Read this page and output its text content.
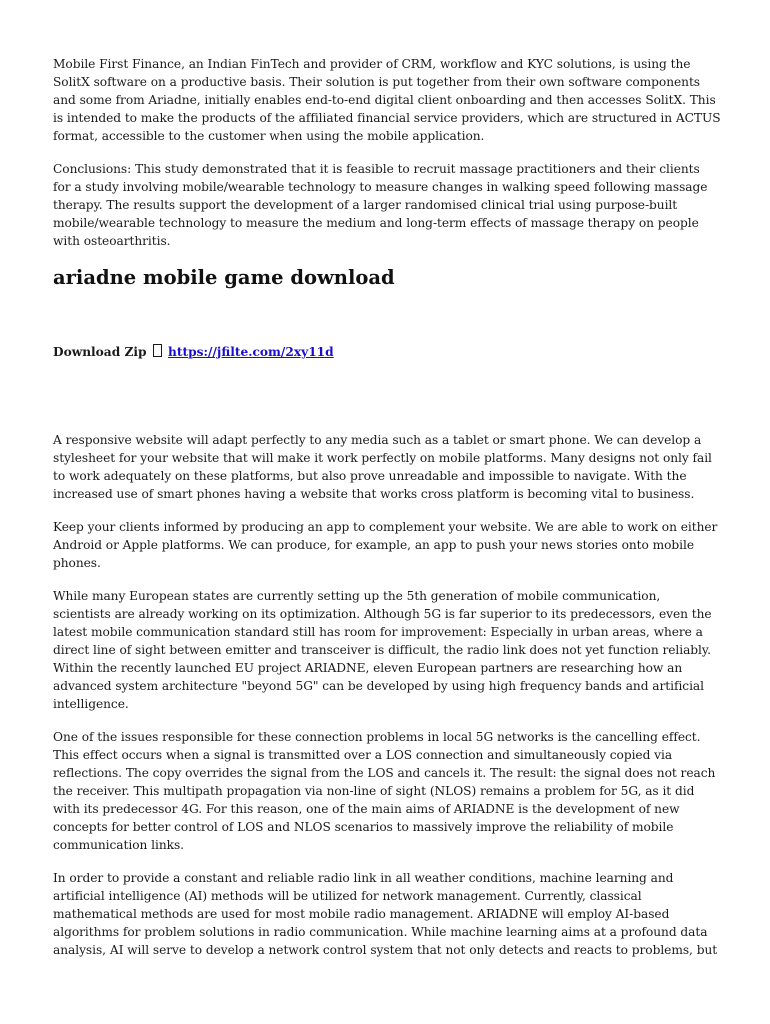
Mobile First Finance, an Indian FinTech and provider of CRM, workflow and KYC solutions, is using the SolitX software on a productive basis. Their solution is put together from their own software components and some from Ariadne, initially enables end-to-end digital client onboarding and then accesses SolitX. This is intended to make the products of the affiliated financial service providers, which are structured in ACTUS format, accessible to the customer when using the mobile application.

Conclusions: This study demonstrated that it is feasible to recruit massage practitioners and their clients for a study involving mobile/wearable technology to measure changes in walking speed following massage therapy. The results support the development of a larger randomised clinical trial using purpose-built mobile/wearable technology to measure the medium and long-term effects of massage therapy on people with osteoarthritis.

ariadne mobile game download
Download Zip https://jfilte.com/2xy11d

A responsive website will adapt perfectly to any media such as a tablet or smart phone. We can develop a stylesheet for your website that will make it work perfectly on mobile platforms. Many designs not only fail to work adequately on these platforms, but also prove unreadable and impossible to navigate. With the increased use of smart phones having a website that works cross platform is becoming vital to business.

Keep your clients informed by producing an app to complement your website. We are able to work on either Android or Apple platforms. We can produce, for example, an app to push your news stories onto mobile phones.

While many European states are currently setting up the 5th generation of mobile communication, scientists are already working on its optimization. Although 5G is far superior to its predecessors, even the latest mobile communication standard still has room for improvement: Especially in urban areas, where a direct line of sight between emitter and transceiver is difficult, the radio link does not yet function reliably. Within the recently launched EU project ARIADNE, eleven European partners are researching how an advanced system architecture "beyond 5G" can be developed by using high frequency bands and artificial intelligence.

One of the issues responsible for these connection problems in local 5G networks is the cancelling effect. This effect occurs when a signal is transmitted over a LOS connection and simultaneously copied via reflections. The copy overrides the signal from the LOS and cancels it. The result: the signal does not reach the receiver. This multipath propagation via non-line of sight (NLOS) remains a problem for 5G, as it did with its predecessor 4G. For this reason, one of the main aims of ARIADNE is the development of new concepts for better control of LOS and NLOS scenarios to massively improve the reliability of mobile communication links.

In order to provide a constant and reliable radio link in all weather conditions, machine learning and artificial intelligence (AI) methods will be utilized for network management. Currently, classical mathematical methods are used for most mobile radio management. ARIADNE will employ AI-based algorithms for problem solutions in radio communication. While machine learning aims at a profound data analysis, AI will serve to develop a network control system that not only detects and reacts to problems, but
